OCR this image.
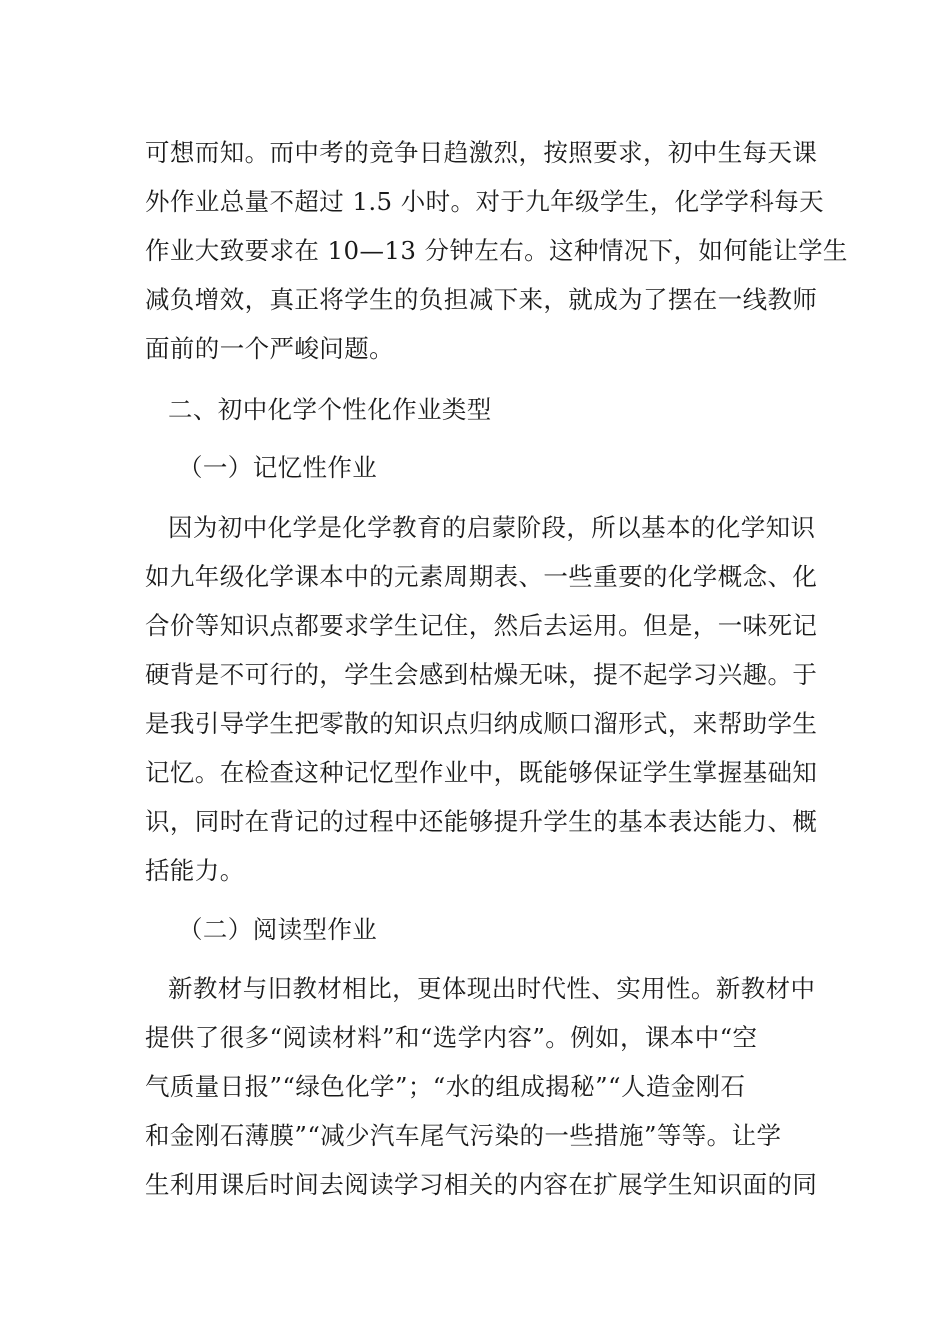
可想而知。而中考的竞争日趋激烈，按照要求，初中生每天课
外作业总量不超过 1.5 小时。对于九年级学生，化学学科每天
作业大致要求在 10—13 分钟左右。这种情况下，如何能让学生
减负增效，真正将学生的负担减下来，就成为了摆在一线教师
面前的一个严峻问题。
二、初中化学个性化作业类型
（一）记忆性作业
因为初中化学是化学教育的启蒙阶段，所以基本的化学知识
如九年级化学课本中的元素周期表、一些重要的化学概念、化
合价等知识点都要求学生记住，然后去运用。但是，一味死记
硬背是不可行的，学生会感到枯燥无味，提不起学习兴趣。于
是我引导学生把零散的知识点归纳成顺口溜形式，来帮助学生
记忆。在检查这种记忆型作业中，既能够保证学生掌握基础知
识，同时在背记的过程中还能够提升学生的基本表达能力、概
括能力。
（二）阅读型作业
新教材与旧教材相比，更体现出时代性、实用性。新教材中
提供了很多“阅读材料”和“选学内容”。例如，课本中“空
气质量日报”“绿色化学”；“水的组成揭秘”“人造金刚石
和金刚石薄膜”“减少汽车尾气污染的一些措施”等等。让学
生利用课后时间去阅读学习相关的内容在扩展学生知识面的同
